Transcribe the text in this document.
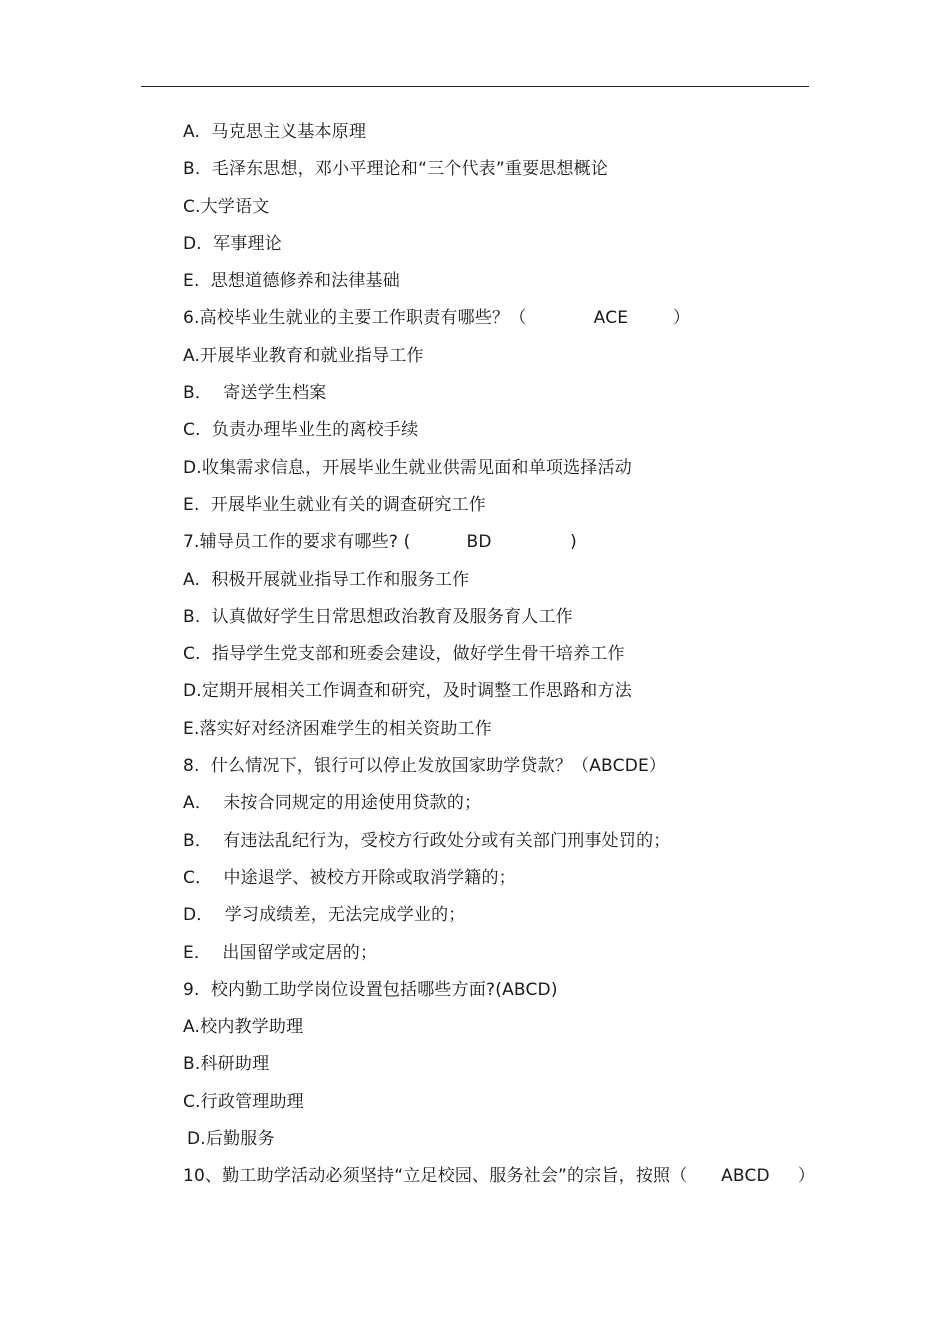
A.  马克思主义基本原理
B.  毛泽东思想，邓小平理论和“三个代表”重要思想概论
C.大学语文
D.  军事理论
E.  思想道德修养和法律基础
6.高校毕业生就业的主要工作职责有哪些？（            ACE        ）
A.开展毕业教育和就业指导工作
B．  寄送学生档案
C.  负责办理毕业生的离校手续
D.收集需求信息，开展毕业生就业供需见面和单项选择活动
E.  开展毕业生就业有关的调查研究工作
7.辅导员工作的要求有哪些? (          BD              )
A.  积极开展就业指导工作和服务工作
B.  认真做好学生日常思想政治教育及服务育人工作
C.  指导学生党支部和班委会建设，做好学生骨干培养工作
D.定期开展相关工作调查和研究，及时调整工作思路和方法
E.落实好对经济困难学生的相关资助工作
8.  什么情况下，银行可以停止发放国家助学贷款？（ABCDE）
A．  未按合同规定的用途使用贷款的；
B．  有违法乱纪行为，受校方行政处分或有关部门刑事处罚的；
C．  中途退学、被校方开除或取消学籍的；
D．  学习成绩差，无法完成学业的；
E．  出国留学或定居的；
9.  校内勤工助学岗位设置包括哪些方面?(ABCD)
A.校内教学助理
B.科研助理
C.行政管理助理
D.后勤服务
10、勤工助学活动必须坚持“立足校园、服务社会”的宗旨，按照（      ABCD     ）
